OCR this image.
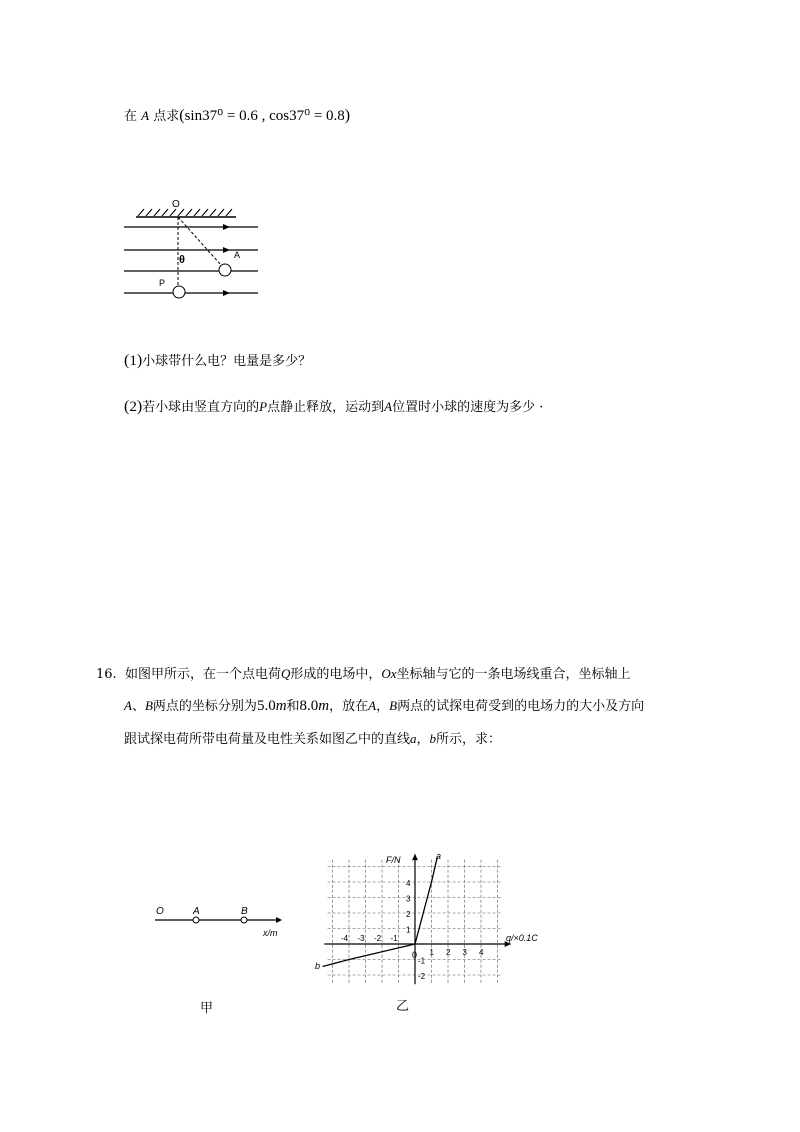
在 A 点求(sin37⁰ = 0.6 , cos37⁰ = 0.8)
O
θ	A
P
(1)小球带什么电？电量是多少？
(2)若小球由竖直方向的P点静止释放，运动到A位置时小球的速度为多少 ·
16. 如图甲所示，在一个点电荷Q形成的电场中，Ox坐标轴与它的一条电场线重合，坐标轴上
A、B两点的坐标分别为5.0m和8.0m，放在A，B两点的试探电荷受到的电场力的大小及方向
跟试探电荷所带电荷量及电性关系如图乙中的直线a，b所示，求：
O	A	B
x/m
甲
4
3
2
1
-1
-2
-4 -3 -2 -1
1 2 3 4
F/N
q/×0.1C
a
b
0
乙
